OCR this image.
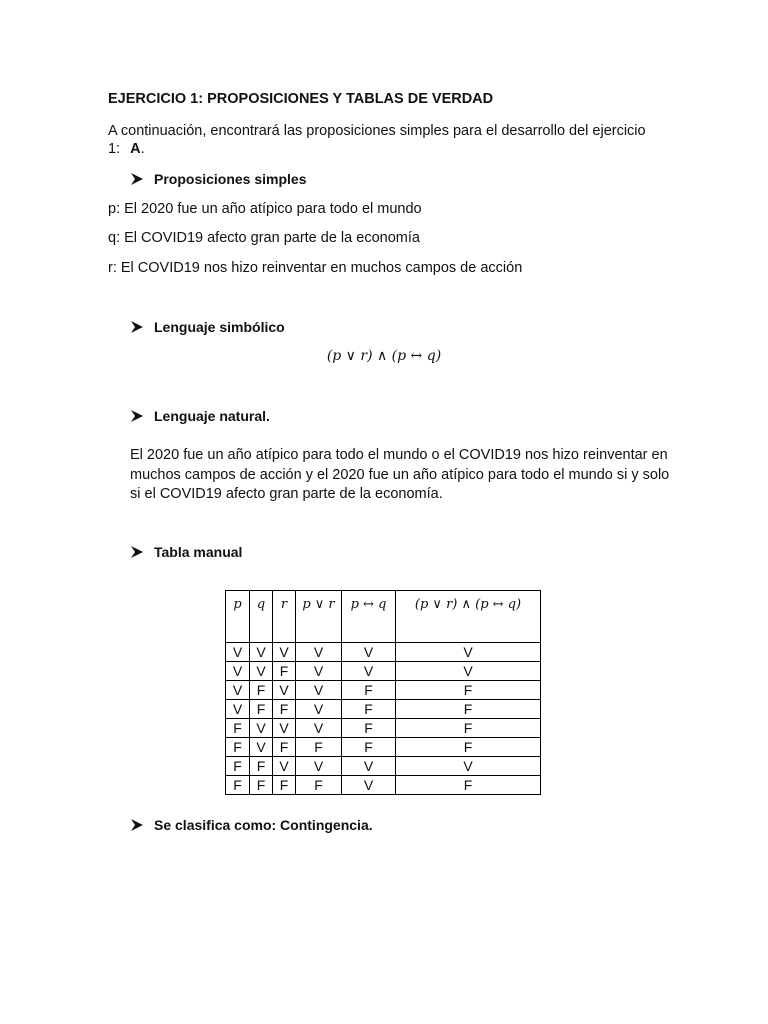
EJERCICIO 1: PROPOSICIONES Y TABLAS DE VERDAD
A continuación, encontrará las proposiciones simples para el desarrollo del ejercicio 1: A.
Proposiciones simples
p: El 2020 fue un año atípico para todo el mundo
q: El COVID19 afecto gran parte de la economía
r: El COVID19 nos hizo reinventar en muchos campos de acción
Lenguaje simbólico
(p ∨ r) ∧ (p ↔ q)
Lenguaje natural.
El 2020 fue un año atípico para todo el mundo o el COVID19 nos hizo reinventar en muchos campos de acción y el 2020 fue un año atípico para todo el mundo si y solo si el COVID19 afecto gran parte de la economía.
Tabla manual
p	q	r	p ∨ r	p ↔ q	(p ∨ r) ∧ (p ↔ q)
V	V	V	V	V	V
V	V	F	V	V	V
V	F	V	V	F	F
V	F	F	V	F	F
F	V	V	V	F	F
F	V	F	F	F	F
F	F	V	V	V	V
F	F	F	F	V	F
Se clasifica como: Contingencia.
